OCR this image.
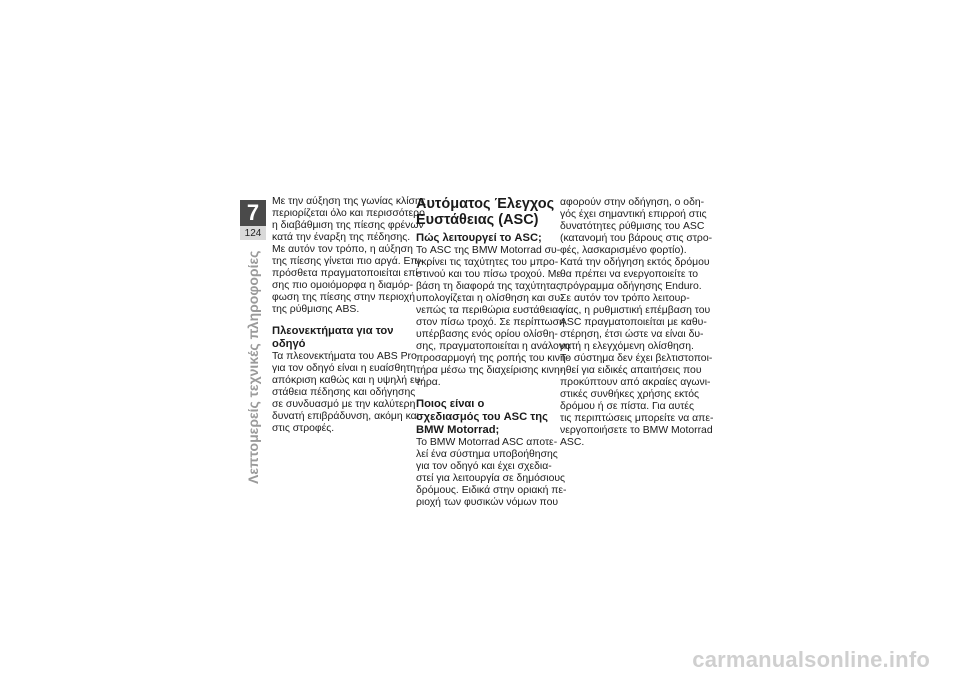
7
124
Λεπτομερείς τεχνικές πληροφορίες
Με την αύξηση της γωνίας κλίσης
περιορίζεται όλο και περισσότερο
η διαβάθμιση της πίεσης φρένων
κατά την έναρξη της πέδησης.
Με αυτόν τον τρόπο, η αύξηση
της πίεσης γίνεται πιο αργά. Επι-
πρόσθετα πραγματοποιείται επί-
σης πιο ομοιόμορφα η διαμόρ-
φωση της πίεσης στην περιοχή
της ρύθμισης ABS.
Πλεονεκτήματα για τον
οδηγό
Τα πλεονεκτήματα του ABS Pro
για τον οδηγό είναι η ευαίσθητη
απόκριση καθώς και η υψηλή ευ-
στάθεια πέδησης και οδήγησης
σε συνδυασμό με την καλύτερη
δυνατή επιβράδυνση, ακόμη και
στις στροφές.
Αυτόματος Έλεγχος
Ευστάθειας (ASC)
Πώς λειτουργεί το ASC;
Το ASC της BMW Motorrad συ-
γκρίνει τις ταχύτητες του μπρο-
στινού και του πίσω τροχού. Με
βάση τη διαφορά της ταχύτητας
υπολογίζεται η ολίσθηση και συ-
νεπώς τα περιθώρια ευστάθειας
στον πίσω τροχό. Σε περίπτωση
υπέρβασης ενός ορίου ολίσθη-
σης, πραγματοποιείται η ανάλογη
προσαρμογή της ροπής του κινη-
τήρα μέσω της διαχείρισης κινη-
τήρα.
Ποιος είναι ο
σχεδιασμός του ASC της
BMW Motorrad;
Το BMW Motorrad ASC αποτε-
λεί ένα σύστημα υποβοήθησης
για τον οδηγό και έχει σχεδια-
στεί για λειτουργία σε δημόσιους
δρόμους. Ειδικά στην οριακή πε-
ριοχή των φυσικών νόμων που
αφορούν στην οδήγηση, ο οδη-
γός έχει σημαντική επιρροή στις
δυνατότητες ρύθμισης του ASC
(κατανομή του βάρους στις στρο-
φές, λασκαρισμένο φορτίο).
Κατά την οδήγηση εκτός δρόμου
θα πρέπει να ενεργοποιείτε το
πρόγραμμα οδήγησης Enduro.
Σε αυτόν τον τρόπο λειτουρ-
γίας, η ρυθμιστική επέμβαση του
ASC πραγματοποιείται με καθυ-
στέρηση, έτσι ώστε να είναι δυ-
νατή η ελεγχόμενη ολίσθηση.
Το σύστημα δεν έχει βελτιστοποι-
ηθεί για ειδικές απαιτήσεις που
προκύπτουν από ακραίες αγωνι-
στικές συνθήκες χρήσης εκτός
δρόμου ή σε πίστα. Για αυτές
τις περιπτώσεις μπορείτε να απε-
νεργοποιήσετε το BMW Motorrad
ASC.
carmanualsonline.info
